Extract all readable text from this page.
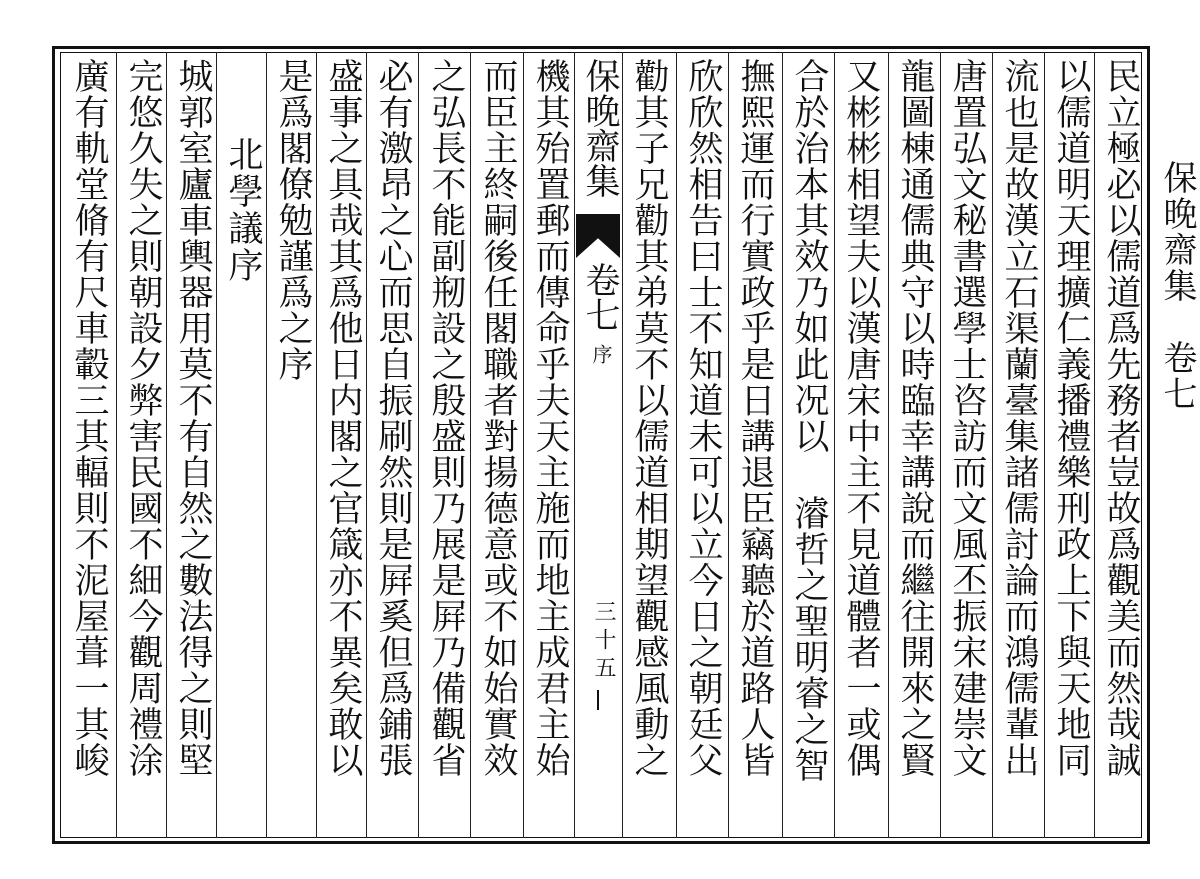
保晚齋集
卷七
民立極必以儒道爲先務者豈故爲觀美而然哉誠
以儒道明天理擴仁義播禮樂刑政上下與天地同
流也是故漢立石渠蘭臺集諸儒討論而鴻儒輩出
唐置弘文秘書選學士咨訪而文風丕振宋建崇文
龍圖棟通儒典守以時臨幸講說而繼往開來之賢
又彬彬相望夫以漢唐宋中主不見道體者一或偶
合於治本其效乃如此况以 濬哲之聖明睿之智
撫熙運而行實政乎是日講退臣竊聽於道路人皆
欣欣然相告曰士不知道未可以立今日之朝廷父
勸其子兄勸其弟莫不以儒道相期望觀感風動之
保晚齋集
卷七
序
三十五
機其殆置郵而傳命乎夫天主施而地主成君主始
而臣主終嗣後任閣職者對揚德意或不如始實效
之弘長不能副剏設之殷盛則乃展是屛乃備觀省
必有激昂之心而思自振刷然則是屛奚但爲鋪張
盛事之具哉其爲他日内閣之官箴亦不異矣敢以
是爲閣僚勉謹爲之序
北學議序
城郭室廬車輿器用莫不有自然之數法得之則堅
完悠久失之則朝設夕弊害民國不細今觀周禮涂
廣有軌堂脩有尺車轂三其輻則不泥屋葺一其峻
